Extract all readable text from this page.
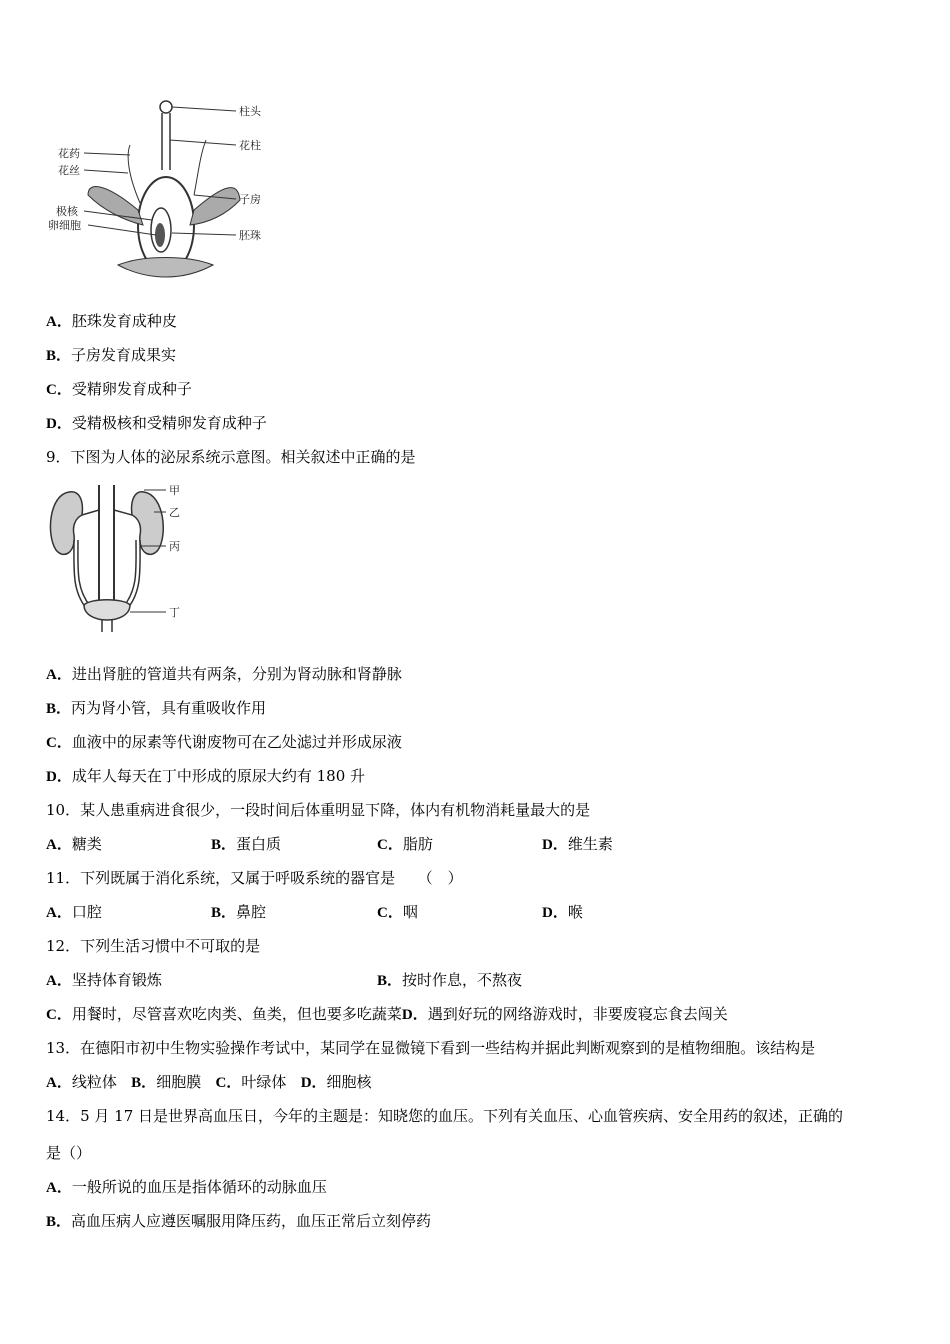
柱头
花柱
花药
花丝
子房
极核
卵细胞
胚珠
A．胚珠发育成种皮
B．子房发育成果实
C．受精卵发育成种子
D．受精极核和受精卵发育成种子
9．下图为人体的泌尿系统示意图。相关叙述中正确的是
甲
乙
丙
丁
A．进出肾脏的管道共有两条，分别为肾动脉和肾静脉
B．丙为肾小管，具有重吸收作用
C．血液中的尿素等代谢废物可在乙处滤过并形成尿液
D．成年人每天在丁中形成的原尿大约有 180 升
10．某人患重病进食很少，一段时间后体重明显下降，体内有机物消耗量最大的是
A．糖类	B．蛋白质	C．脂肪	D．维生素
11．下列既属于消化系统，又属于呼吸系统的器官是　　（　）
A．口腔	B．鼻腔	C．咽	D．喉
12．下列生活习惯中不可取的是
A．坚持体育锻炼	B．按时作息，不熬夜
C．用餐时，尽管喜欢吃肉类、鱼类，但也要多吃蔬菜D．遇到好玩的网络游戏时，非要废寝忘食去闯关
13．在德阳市初中生物实验操作考试中，某同学在显微镜下看到一些结构并据此判断观察到的是植物细胞。该结构是
A．线粒体 B．细胞膜 C．叶绿体 D．细胞核
14．5 月 17 日是世界高血压日，今年的主题是：知晓您的血压。下列有关血压、心血管疾病、安全用药的叙述，正确的
是（）
A．一般所说的血压是指体循环的动脉血压
B．高血压病人应遵医嘱服用降压药，血压正常后立刻停药
